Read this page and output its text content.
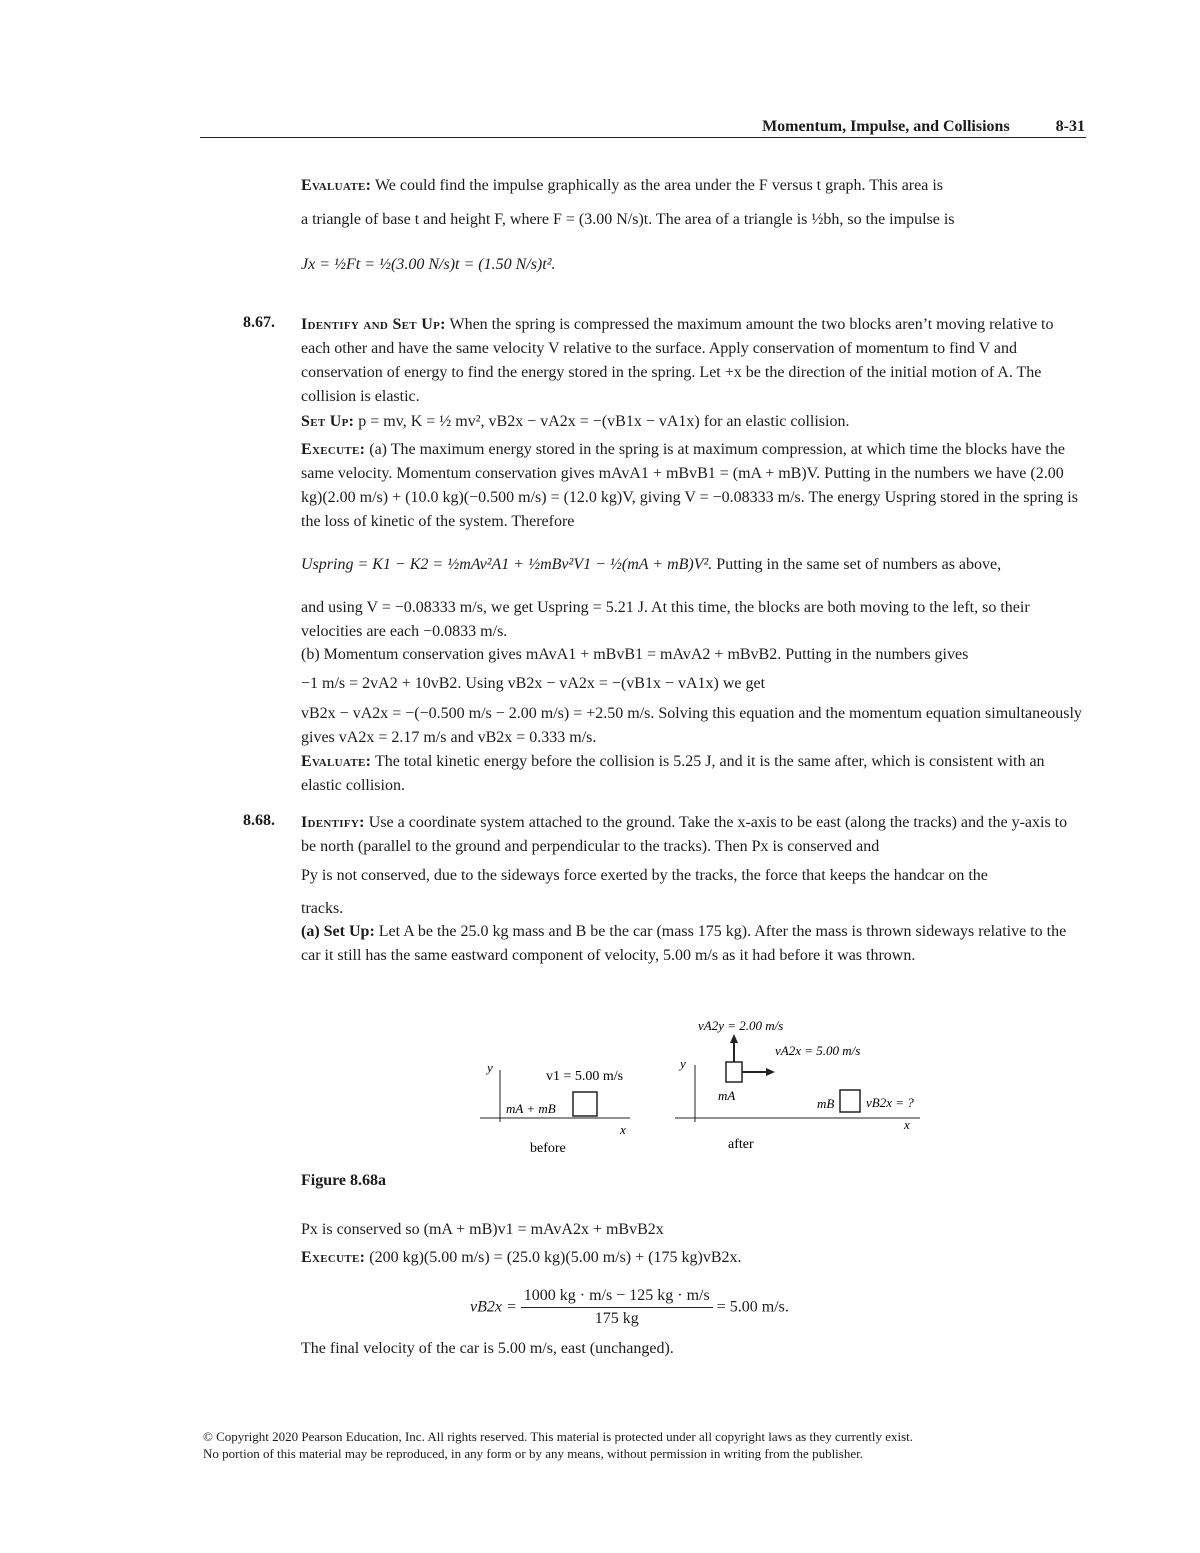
Momentum, Impulse, and Collisions	8-31
Evaluate: We could find the impulse graphically as the area under the F versus t graph. This area is
a triangle of base t and height F, where F = (3.00 N/s)t. The area of a triangle is ½bh, so the impulse is
Jx = ½Ft = ½(3.00 N/s)t = (1.50 N/s)t².
8.67. Identify and Set Up: When the spring is compressed the maximum amount the two blocks aren’t moving relative to each other and have the same velocity V relative to the surface. Apply conservation of momentum to find V and conservation of energy to find the energy stored in the spring. Let +x be the direction of the initial motion of A. The collision is elastic.
Set Up: p = mv, K = ½ mv², vB2x − vA2x = −(vB1x − vA1x) for an elastic collision.
Execute: (a) The maximum energy stored in the spring is at maximum compression, at which time the blocks have the same velocity. Momentum conservation gives mAvA1 + mBvB1 = (mA + mB)V. Putting in the numbers we have (2.00 kg)(2.00 m/s) + (10.0 kg)(−0.500 m/s) = (12.0 kg)V, giving V = −0.08333 m/s. The energy Uspring stored in the spring is the loss of kinetic of the system. Therefore
Uspring = K1 − K2 = ½mAv²A1 + ½mBv²V1 − ½(mA + mB)V². Putting in the same set of numbers as above,
and using V = −0.08333 m/s, we get Uspring = 5.21 J. At this time, the blocks are both moving to the left, so their velocities are each −0.0833 m/s.
(b) Momentum conservation gives mAvA1 + mBvB1 = mAvA2 + mBvB2. Putting in the numbers gives
−1 m/s = 2vA2 + 10vB2. Using vB2x − vA2x = −(vB1x − vA1x) we get
vB2x − vA2x = −(−0.500 m/s − 2.00 m/s) = +2.50 m/s. Solving this equation and the momentum equation simultaneously gives vA2x = 2.17 m/s and vB2x = 0.333 m/s.
Evaluate: The total kinetic energy before the collision is 5.25 J, and it is the same after, which is consistent with an elastic collision.
8.68. Identify: Use a coordinate system attached to the ground. Take the x-axis to be east (along the tracks) and the y-axis to be north (parallel to the ground and perpendicular to the tracks). Then Px is conserved and
Py is not conserved, due to the sideways force exerted by the tracks, the force that keeps the handcar on the
tracks.
(a) Set Up: Let A be the 25.0 kg mass and B be the car (mass 175 kg). After the mass is thrown sideways relative to the car it still has the same eastward component of velocity, 5.00 m/s as it had before it was thrown.
y
x
v1 = 5.00 m/s
mA + mB
before
y
x
vA2y = 2.00 m/s
vA2x = 5.00 m/s
mA
mB vB2x = ?
after
Figure 8.68a
Px is conserved so (mA + mB)v1 = mAvA2x + mBvB2x
Execute: (200 kg)(5.00 m/s) = (25.0 kg)(5.00 m/s) + (175 kg)vB2x.
$vB2x = \frac{1000 kg \cdot m/s - 125 kg \cdot m/s}{175 kg} = 5.00$ m/s.
The final velocity of the car is 5.00 m/s, east (unchanged).
© Copyright 2020 Pearson Education, Inc. All rights reserved. This material is protected under all copyright laws as they currently exist.
No portion of this material may be reproduced, in any form or by any means, without permission in writing from the publisher.
